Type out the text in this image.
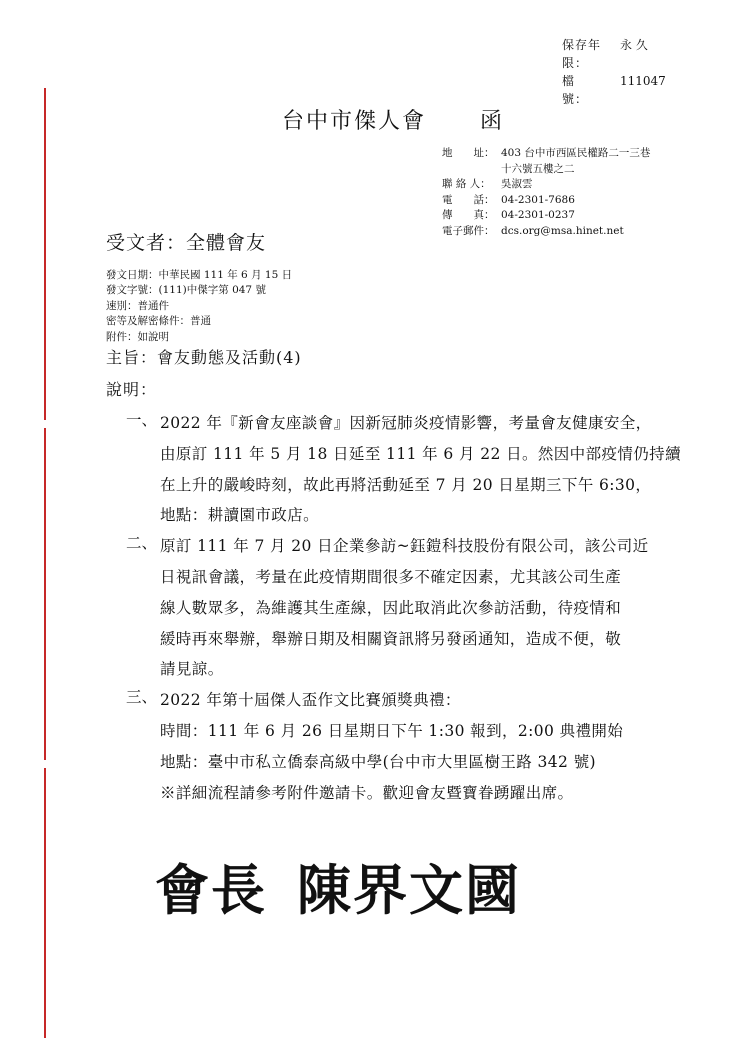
保存年限：
永 久
檔　　號：
111047
台中市傑人會 函
地　　址： 403 台中市西區民權路二一三巷
十六號五樓之二
聯 絡 人： 吳淑雲
電　　話： 04-2301-7686
傳　　真： 04-2301-0237
電子郵件： dcs.org@msa.hinet.net
受文者：全體會友
發文日期：中華民國 111 年 6 月 15 日
發文字號：(111)中傑字第 047 號
速別：普通件
密等及解密條件：普通
附件：如說明
主旨：會友動態及活動(4)
說明：
一、 2022 年『新會友座談會』因新冠肺炎疫情影響，考量會友健康安全，
由原訂 111 年 5 月 18 日延至 111 年 6 月 22 日。然因中部疫情仍持續
在上升的嚴峻時刻，故此再將活動延至 7 月 20 日星期三下午 6:30，
地點：耕讀園市政店。
二、 原訂 111 年 7 月 20 日企業參訪~鈺鎧科技股份有限公司，該公司近
日視訊會議，考量在此疫情期間很多不確定因素，尤其該公司生產
線人數眾多，為維護其生產線，因此取消此次參訪活動，待疫情和
緩時再來舉辦，舉辦日期及相關資訊將另發函通知，造成不便，敬
請見諒。
三、 2022 年第十屆傑人盃作文比賽頒獎典禮：
時間：111 年 6 月 26 日星期日下午 1:30 報到，2:00 典禮開始
地點：臺中市私立僑泰高級中學(台中市大里區樹王路 342 號)
※詳細流程請參考附件邀請卡。歡迎會友暨寶眷踴躍出席。
會長 陳界文國
